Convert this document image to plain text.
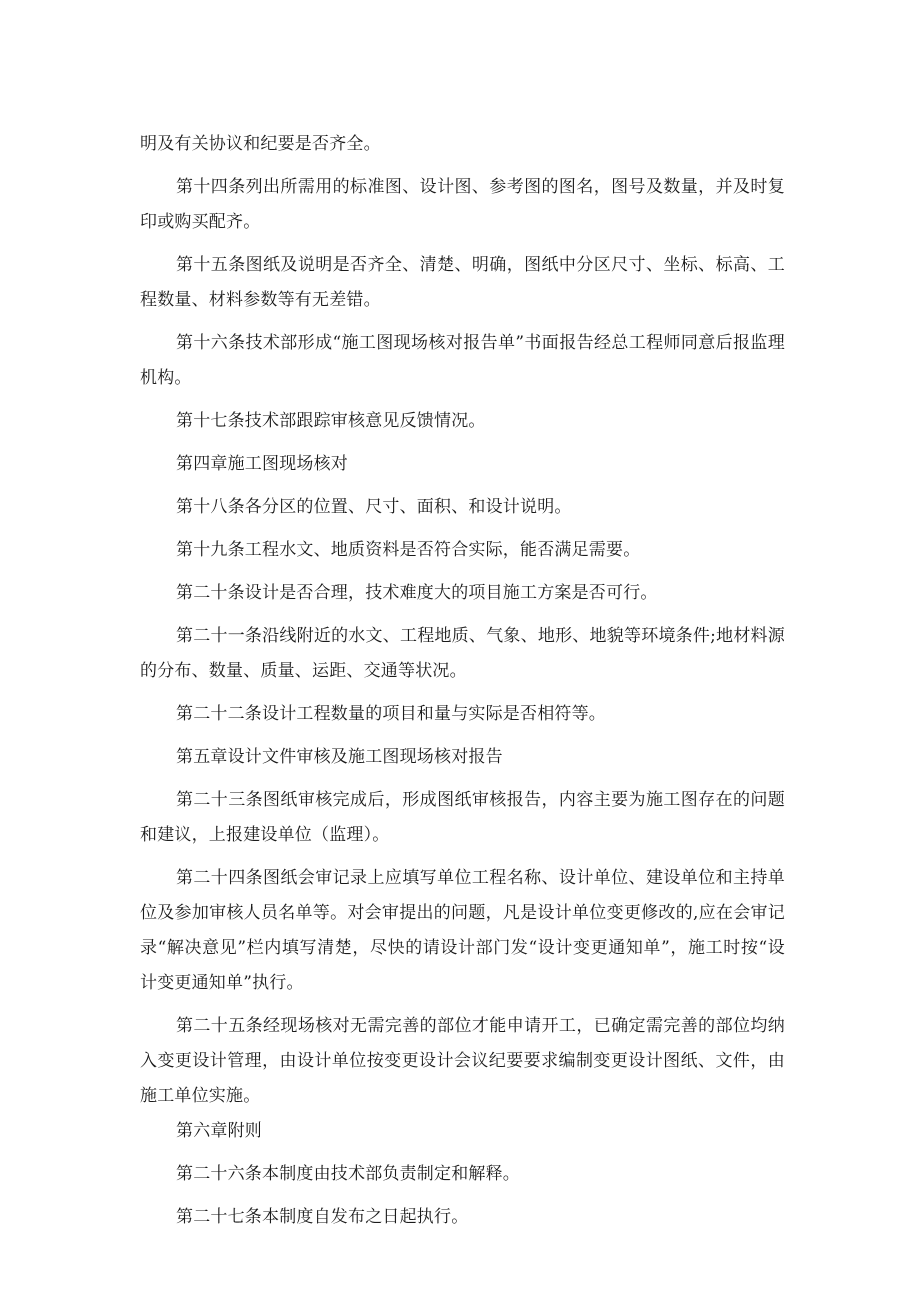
明及有关协议和纪要是否齐全。

第十四条列出所需用的标准图、设计图、参考图的图名，图号及数量，并及时复印或购买配齐。

第十五条图纸及说明是否齐全、清楚、明确，图纸中分区尺寸、坐标、标高、工程数量、材料参数等有无差错。

第十六条技术部形成“施工图现场核对报告单”书面报告经总工程师同意后报监理机构。

第十七条技术部跟踪审核意见反馈情况。

第四章施工图现场核对

第十八条各分区的位置、尺寸、面积、和设计说明。

第十九条工程水文、地质资料是否符合实际，能否满足需要。

第二十条设计是否合理，技术难度大的项目施工方案是否可行。

第二十一条沿线附近的水文、工程地质、气象、地形、地貌等环境条件;地材料源的分布、数量、质量、运距、交通等状况。

第二十二条设计工程数量的项目和量与实际是否相符等。

第五章设计文件审核及施工图现场核对报告

第二十三条图纸审核完成后，形成图纸审核报告，内容主要为施工图存在的问题和建议，上报建设单位（监理）。

第二十四条图纸会审记录上应填写单位工程名称、设计单位、建设单位和主持单位及参加审核人员名单等。对会审提出的问题，凡是设计单位变更修改的,应在会审记录“解决意见”栏内填写清楚，尽快的请设计部门发“设计变更通知单”，施工时按“设计变更通知单”执行。

第二十五条经现场核对无需完善的部位才能申请开工，已确定需完善的部位均纳入变更设计管理，由设计单位按变更设计会议纪要要求编制变更设计图纸、文件，由施工单位实施。

第六章附则

第二十六条本制度由技术部负责制定和解释。

第二十七条本制度自发布之日起执行。
